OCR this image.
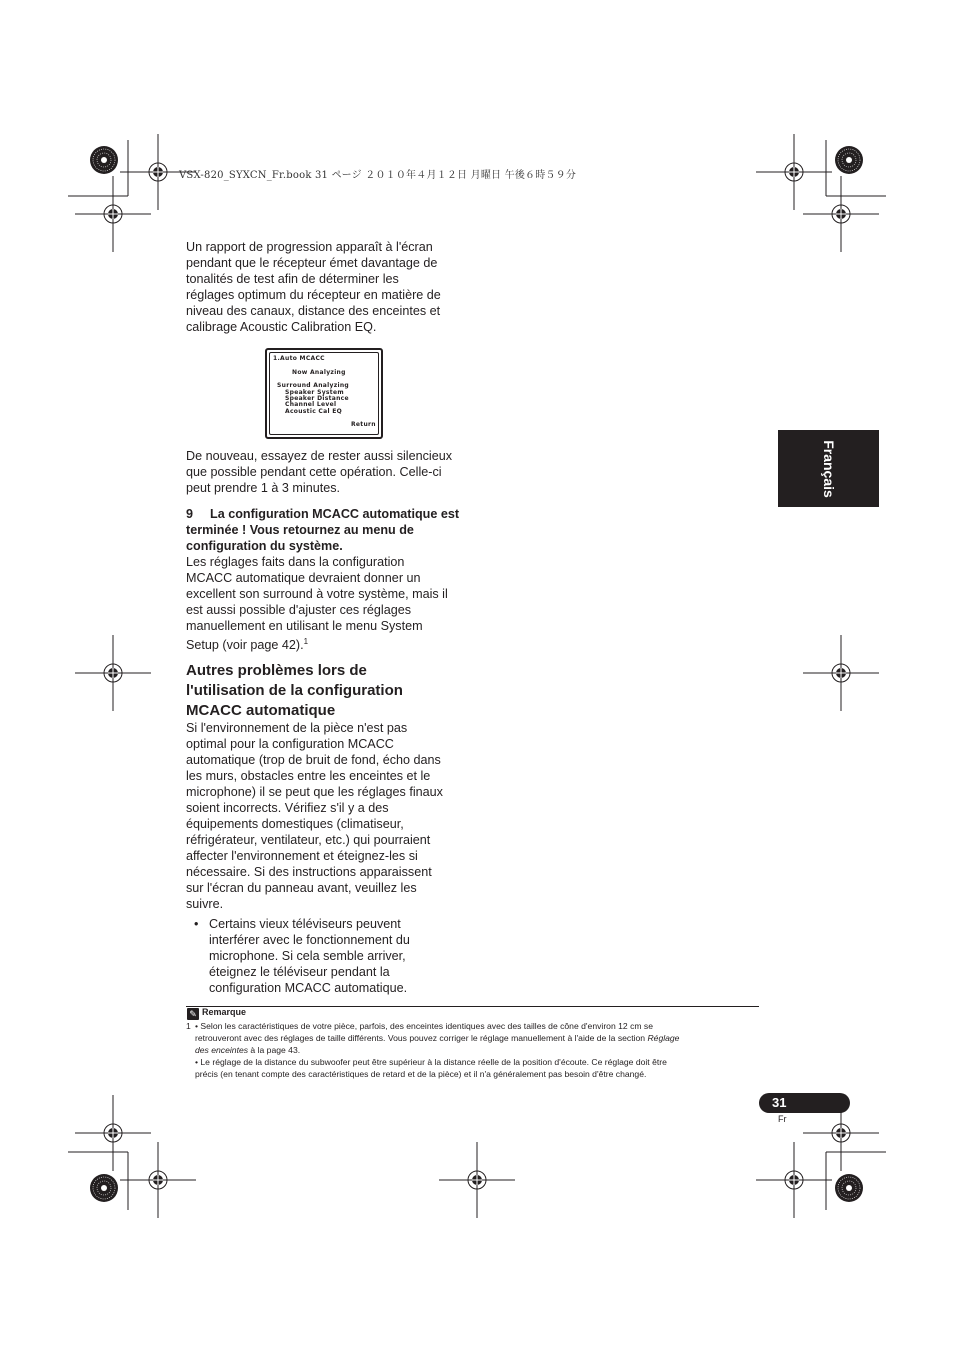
VSX-820_SYXCN_Fr.book 31 ページ ２０１０年４月１２日 月曜日 午後６時５９分
Un rapport de progression apparaît à l'écran
pendant que le récepteur émet davantage de
tonalités de test afin de déterminer les
réglages optimum du récepteur en matière de
niveau des canaux, distance des enceintes et
calibrage Acoustic Calibration EQ.
1.Auto MCACC
Now Analyzing
Surround Analyzing
Speaker System
Speaker Distance
Channel Level
Acoustic Cal EQ
Return
De nouveau, essayez de rester aussi silencieux
que possible pendant cette opération. Celle-ci
peut prendre 1 à 3 minutes.
9	La configuration MCACC automatique est
terminée ! Vous retournez au menu de
configuration du système.
Les réglages faits dans la configuration
MCACC automatique devraient donner un
excellent son surround à votre système, mais il
est aussi possible d'ajuster ces réglages
manuellement en utilisant le menu System
Setup (voir page 42).$^1$
Autres problèmes lors de
l'utilisation de la configuration
MCACC automatique
Si l'environnement de la pièce n'est pas
optimal pour la configuration MCACC
automatique (trop de bruit de fond, écho dans
les murs, obstacles entre les enceintes et le
microphone) il se peut que les réglages finaux
soient incorrects. Vérifiez s'il y a des
équipements domestiques (climatiseur,
réfrigérateur, ventilateur, etc.) qui pourraient
affecter l'environnement et éteignez-les si
nécessaire. Si des instructions apparaissent
sur l'écran du panneau avant, veuillez les
suivre.
• Certains vieux téléviseurs peuvent
interférer avec le fonctionnement du
microphone. Si cela semble arriver,
éteignez le téléviseur pendant la
configuration MCACC automatique.
Français
✎ Remarque
1 • Selon les caractéristiques de votre pièce, parfois, des enceintes identiques avec des tailles de cône d'environ 12 cm se
retrouveront avec des réglages de taille différents. Vous pouvez corriger le réglage manuellement à l'aide de la section Réglage
des enceintes à la page 43.
• Le réglage de la distance du subwoofer peut être supérieur à la distance réelle de la position d'écoute. Ce réglage doit être
précis (en tenant compte des caractéristiques de retard et de la pièce) et il n'a généralement pas besoin d'être changé.
31
Fr
